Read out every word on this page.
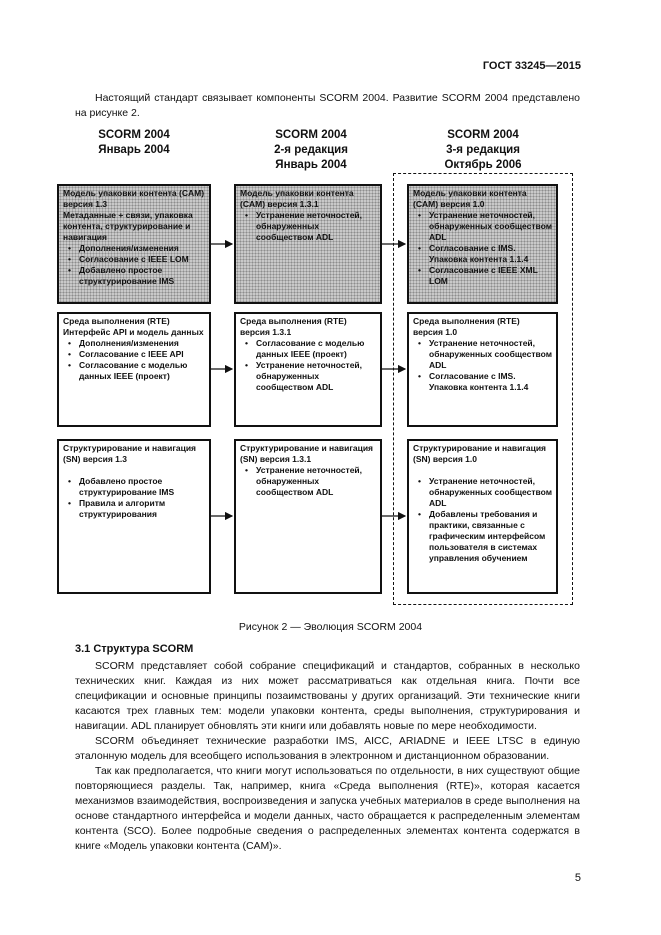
ГОСТ 33245—2015
Настоящий стандарт связывает компоненты SCORM 2004. Развитие SCORM 2004 представлено на рисунке 2.
SCORM 2004
Январь 2004
SCORM 2004
2-я редакция
Январь 2004
SCORM 2004
3-я редакция
Октябрь 2006
Модель упаковки контента (CAM) версия 1.3
Метаданные + связи, упаковка контента, структурирование и навигация
• Дополнения/изменения
• Согласование с IEEE LOM
• Добавлено простое структурирование IMS
Модель упаковки контента (CAM) версия 1.3.1
• Устранение неточностей, обнаруженных сообществом ADL
Модель упаковки контента (CAM) версия 1.0
• Устранение неточностей, обнаруженных сообществом ADL
• Согласование с IMS. Упаковка контента 1.1.4
• Согласование с IEEE XML LOM
Среда выполнения (RTE) Интерфейс API и модель данных
• Дополнения/изменения
• Согласование с IEEE API
• Согласование с моделью данных IEEE (проект)
Среда выполнения (RTE) версия 1.3.1
• Согласование с моделью данных IEEE (проект)
• Устранение неточностей, обнаруженных сообществом ADL
Среда выполнения (RTE) версия 1.0
• Устранение неточностей, обнаруженных сообществом ADL
• Согласование с IMS. Упаковка контента 1.1.4
Структурирование и навигация (SN) версия 1.3
• Добавлено простое структурирование IMS
• Правила и алгоритм структурирования
Структурирование и навигация (SN) версия 1.3.1
• Устранение неточностей, обнаруженных сообществом ADL
Структурирование и навигация (SN) версия 1.0
• Устранение неточностей, обнаруженных сообществом ADL
• Добавлены требования и практики, связанные с графическим интерфейсом пользователя в системах управления обучением
Рисунок 2 — Эволюция SCORM 2004
3.1 Структура SCORM

SCORM представляет собой собрание спецификаций и стандартов, собранных в несколько технических книг. Каждая из них может рассматриваться как отдельная книга. Почти все спецификации и основные принципы позаимствованы у других организаций. Эти технические книги касаются трех главных тем: модели упаковки контента, среды выполнения, структурирования и навигации. ADL планирует обновлять эти книги или добавлять новые по мере необходимости.

SCORM объединяет технические разработки IMS, AICC, ARIADNE и IEEE LTSC в единую эталонную модель для всеобщего использования в электронном и дистанционном образовании.

Так как предполагается, что книги могут использоваться по отдельности, в них существуют общие повторяющиеся разделы. Так, например, книга «Среда выполнения (RTE)», которая касается механизмов взаимодействия, воспроизведения и запуска учебных материалов в среде выполнения на основе стандартного интерфейса и модели данных, часто обращается к распределенным элементам контента (SCO). Более подробные сведения о распределенных элементах контента содержатся в книге «Модель упаковки контента (CAM)».

5
